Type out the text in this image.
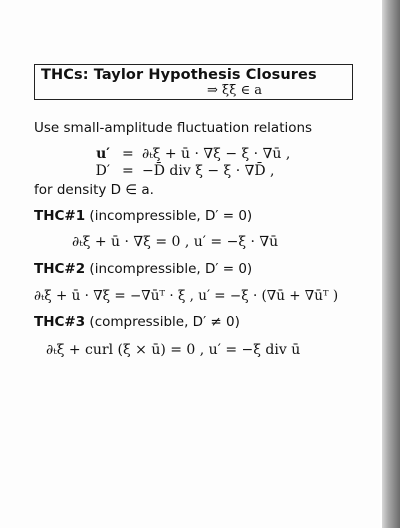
THCs: Taylor Hypothesis Closures
⇒ ξ̄ξ̄ ∈ a
Use small-amplitude fluctuation relations
u′ = ∂ₜξ + ū · ∇ξ − ξ · ∇ū ,
D′ = −D̄ div ξ − ξ · ∇D̄ ,
for density D ∈ a.
THC#1 (incompressible, D′ = 0)
∂ₜξ + ū · ∇ξ = 0 , u′ = −ξ · ∇ū
THC#2 (incompressible, D′ = 0)
∂ₜξ + ū · ∇ξ = −∇ūᵀ · ξ , u′ = −ξ · (∇ū + ∇ūᵀ )
THC#3 (compressible, D′ ≠ 0)
∂ₜξ + curl (ξ × ū) = 0 , u′ = −ξ div ū
